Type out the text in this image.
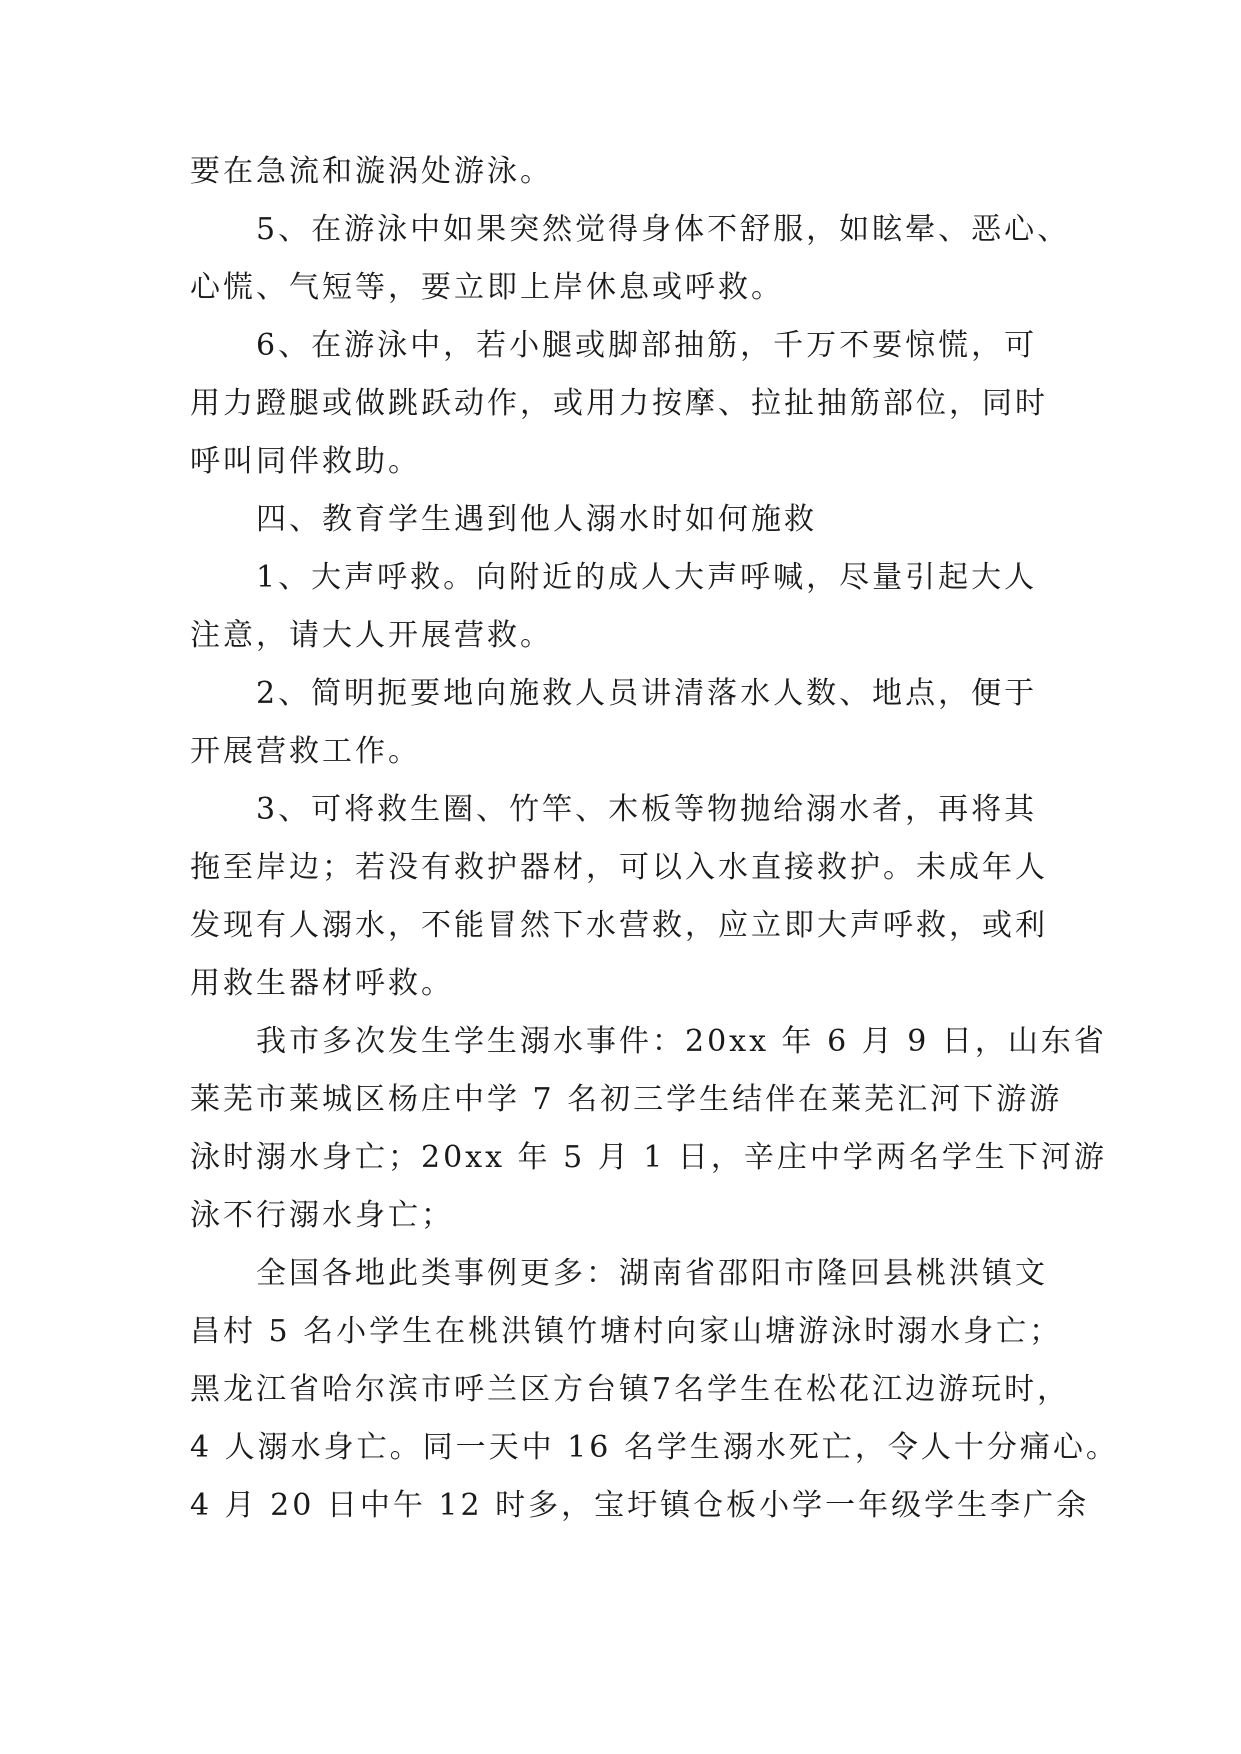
要在急流和漩涡处游泳。
5、在游泳中如果突然觉得身体不舒服，如眩晕、恶心、
心慌、气短等，要立即上岸休息或呼救。
6、在游泳中，若小腿或脚部抽筋，千万不要惊慌，可
用力蹬腿或做跳跃动作，或用力按摩、拉扯抽筋部位，同时
呼叫同伴救助。
四、教育学生遇到他人溺水时如何施救
1、大声呼救。向附近的成人大声呼喊，尽量引起大人
注意，请大人开展营救。
2、简明扼要地向施救人员讲清落水人数、地点，便于
开展营救工作。
3、可将救生圈、竹竿、木板等物抛给溺水者，再将其
拖至岸边；若没有救护器材，可以入水直接救护。未成年人
发现有人溺水，不能冒然下水营救，应立即大声呼救，或利
用救生器材呼救。
我市多次发生学生溺水事件：20xx 年 6 月 9 日，山东省
莱芜市莱城区杨庄中学 7 名初三学生结伴在莱芜汇河下游游
泳时溺水身亡；20xx 年 5 月 1 日，辛庄中学两名学生下河游
泳不行溺水身亡；
全国各地此类事例更多：湖南省邵阳市隆回县桃洪镇文
昌村 5 名小学生在桃洪镇竹塘村向家山塘游泳时溺水身亡；
黑龙江省哈尔滨市呼兰区方台镇7名学生在松花江边游玩时，
4 人溺水身亡。同一天中 16 名学生溺水死亡，令人十分痛心。
4 月 20 日中午 12 时多，宝圩镇仓板小学一年级学生李广余
